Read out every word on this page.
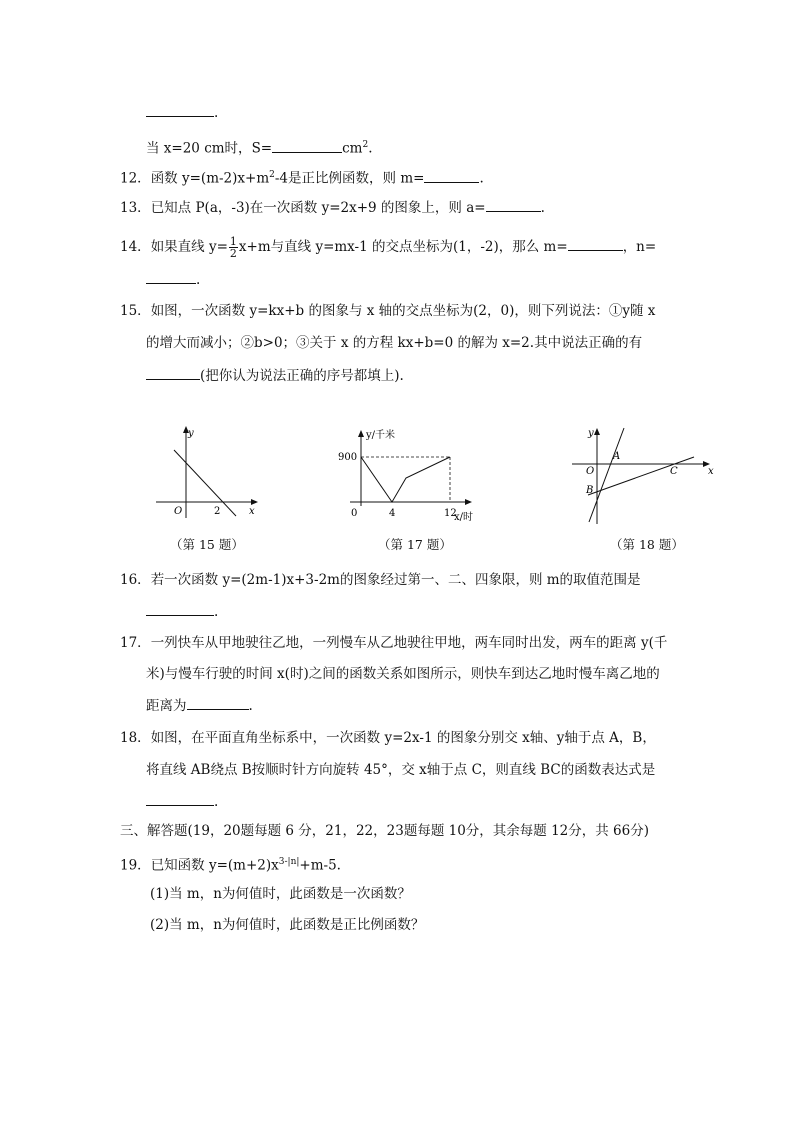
.
当 x=20 cm时，S=	$cm^2$.
12．函数 $y=(m-2)x+m^2-4$是正比例函数，则 m=	.
13．已知点 P(a，-3)在一次函数 y=2x+9 的图象上，则 a=	.
14．如果直线 $y= \frac{1}{2} x+m$与直线 y=mx-1 的交点坐标为(1，-2)，那么 m=	，n=
.
15．如图，一次函数 y=kx+b 的图象与 x 轴的交点坐标为(2，0)，则下列说法：①y随 x
的增大而减小；②b>0；③关于 x 的方程 kx+b=0 的解为 x=2.其中说法正确的有
(把你认为说法正确的序号都填上).
y
x
O	2
（第 15 题）
y/千米
900
0	4	12
x/时
（第 17 题）
y
x
O
A
B
C
（第 18 题）
16．若一次函数 y=(2m-1)x+3-2m的图象经过第一、二、四象限，则 m的取值范围是
.
17．一列快车从甲地驶往乙地，一列慢车从乙地驶往甲地，两车同时出发，两车的距离 y(千
米)与慢车行驶的时间 x(时)之间的函数关系如图所示，则快车到达乙地时慢车离乙地的
距离为	.
18．如图，在平面直角坐标系中，一次函数 y=2x-1 的图象分别交 x轴、y轴于点 A，B，
将直线 AB绕点 B按顺时针方向旋转 45°，交 x轴于点 C，则直线 BC的函数表达式是
.
三、解答题(19，20题每题 6 分，21，22，23题每题 10分，其余每题 12分，共 66分)
19．已知函数 $y=(m+2)x^{3-|n|}+m-5$.
(1)当 m，n为何值时，此函数是一次函数？
(2)当 m，n为何值时，此函数是正比例函数？
